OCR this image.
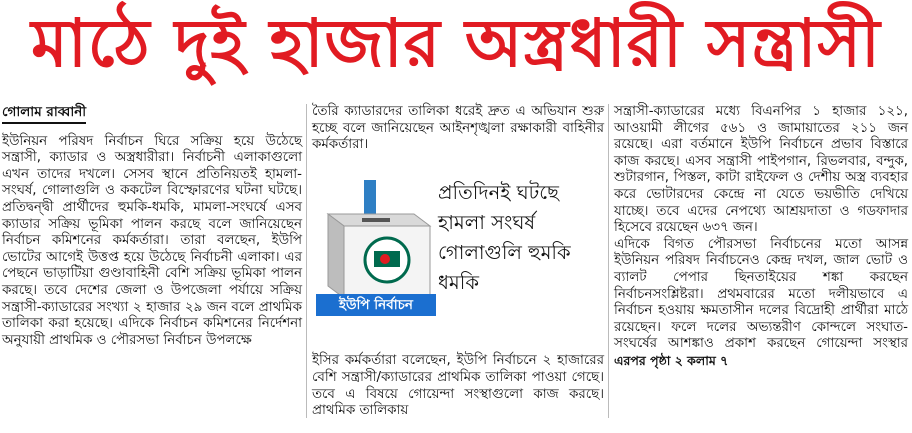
মাঠে দুই হাজার অস্ত্রধারী সন্ত্রাসী
গোলাম রাব্বানী

ইউনিয়ন পরিষদ নির্বাচন ঘিরে সক্রিয় হয়ে উঠেছে সন্ত্রাসী, ক্যাডার ও অস্ত্রধারীরা। নির্বাচনী এলাকাগুলো এখন তাদের দখলে। সেসব স্থানে প্রতিনিয়তই হামলা-সংঘর্ষ, গোলাগুলি ও ককটেল বিস্ফোরণের ঘটনা ঘটছে। প্রতিদ্বন্দ্বী প্রার্থীদের হুমকি-ধমকি, মামলা-সংঘর্ষে এসব ক্যাডার সক্রিয় ভূমিকা পালন করছে বলে জানিয়েছেন নির্বাচন কমিশনের কর্মকর্তারা। তারা বলছেন, ইউপি ভোটের আগেই উত্তপ্ত হয়ে উঠেছে নির্বাচনী এলাকা। এর পেছনে ভাড়াটিয়া গুণ্ডাবাহিনী বেশি সক্রিয় ভূমিকা পালন করছে। তবে দেশের জেলা ও উপজেলা পর্যায়ে সক্রিয় সন্ত্রাসী-ক্যাডারের সংখ্যা ২ হাজার ২৯ জন বলে প্রাথমিক তালিকা করা হয়েছে। এদিকে নির্বাচন কমিশনের নির্দেশনা অনুযায়ী প্রাথমিক ও পৌরসভা নির্বাচন উপলক্ষে

তৈরি ক্যাডারদের তালিকা ধরেই দ্রুত এ অভিযান শুরু হচ্ছে বলে জানিয়েছেন আইনশৃঙ্খলা রক্ষাকারী বাহিনীর কর্মকর্তারা।

ইউপি নির্বাচন
প্রতিদিনই ঘটছে
হামলা সংঘর্ষ
গোলাগুলি হুমকি
ধমকি

ইসির কর্মকর্তারা বলেছেন, ইউপি নির্বাচনে ২ হাজারের বেশি সন্ত্রাসী/ক্যাডারের প্রাথমিক তালিকা পাওয়া গেছে। তবে এ বিষয়ে গোয়েন্দা সংস্থাগুলো কাজ করছে। প্রাথমিক তালিকায়

সন্ত্রাসী-ক্যাডারের মধ্যে বিএনপির ১ হাজার ১২১, আওয়ামী লীগের ৫৬১ ও জামায়াতের ২১১ জন রয়েছে। এরা বর্তমানে ইউপি নির্বাচনে প্রভাব বিস্তারে কাজ করছে। এসব সন্ত্রাসী পাইপগান, রিভলবার, বন্দুক, শুটারগান, পিস্তল, কাটা রাইফেল ও দেশীয় অস্ত্র ব্যবহার করে ভোটারদের কেন্দ্রে না যেতে ভয়ভীতি দেখিয়ে যাচ্ছে। তবে এদের নেপথ্যে আশ্রয়দাতা ও গডফাদার হিসেবে রয়েছেন ৬৩৭ জন।

এদিকে বিগত পৌরসভা নির্বাচনের মতো আসন্ন ইউনিয়ন পরিষদ নির্বাচনেও কেন্দ্র দখল, জাল ভোট ও ব্যালট পেপার ছিনতাইয়ের শঙ্কা করছেন নির্বাচনসংশ্লিষ্টরা। প্রথমবারের মতো দলীয়ভাবে এ নির্বাচন হওয়ায় ক্ষমতাসীন দলের বিদ্রোহী প্রার্থীরা মাঠে রয়েছেন। ফলে দলের অভ্যন্তরীণ কোন্দলে সংঘাত-সংঘর্ষের আশঙ্কাও প্রকাশ করছেন গোয়েন্দা সংস্থার এরপর পৃষ্ঠা ২ কলাম ৭
